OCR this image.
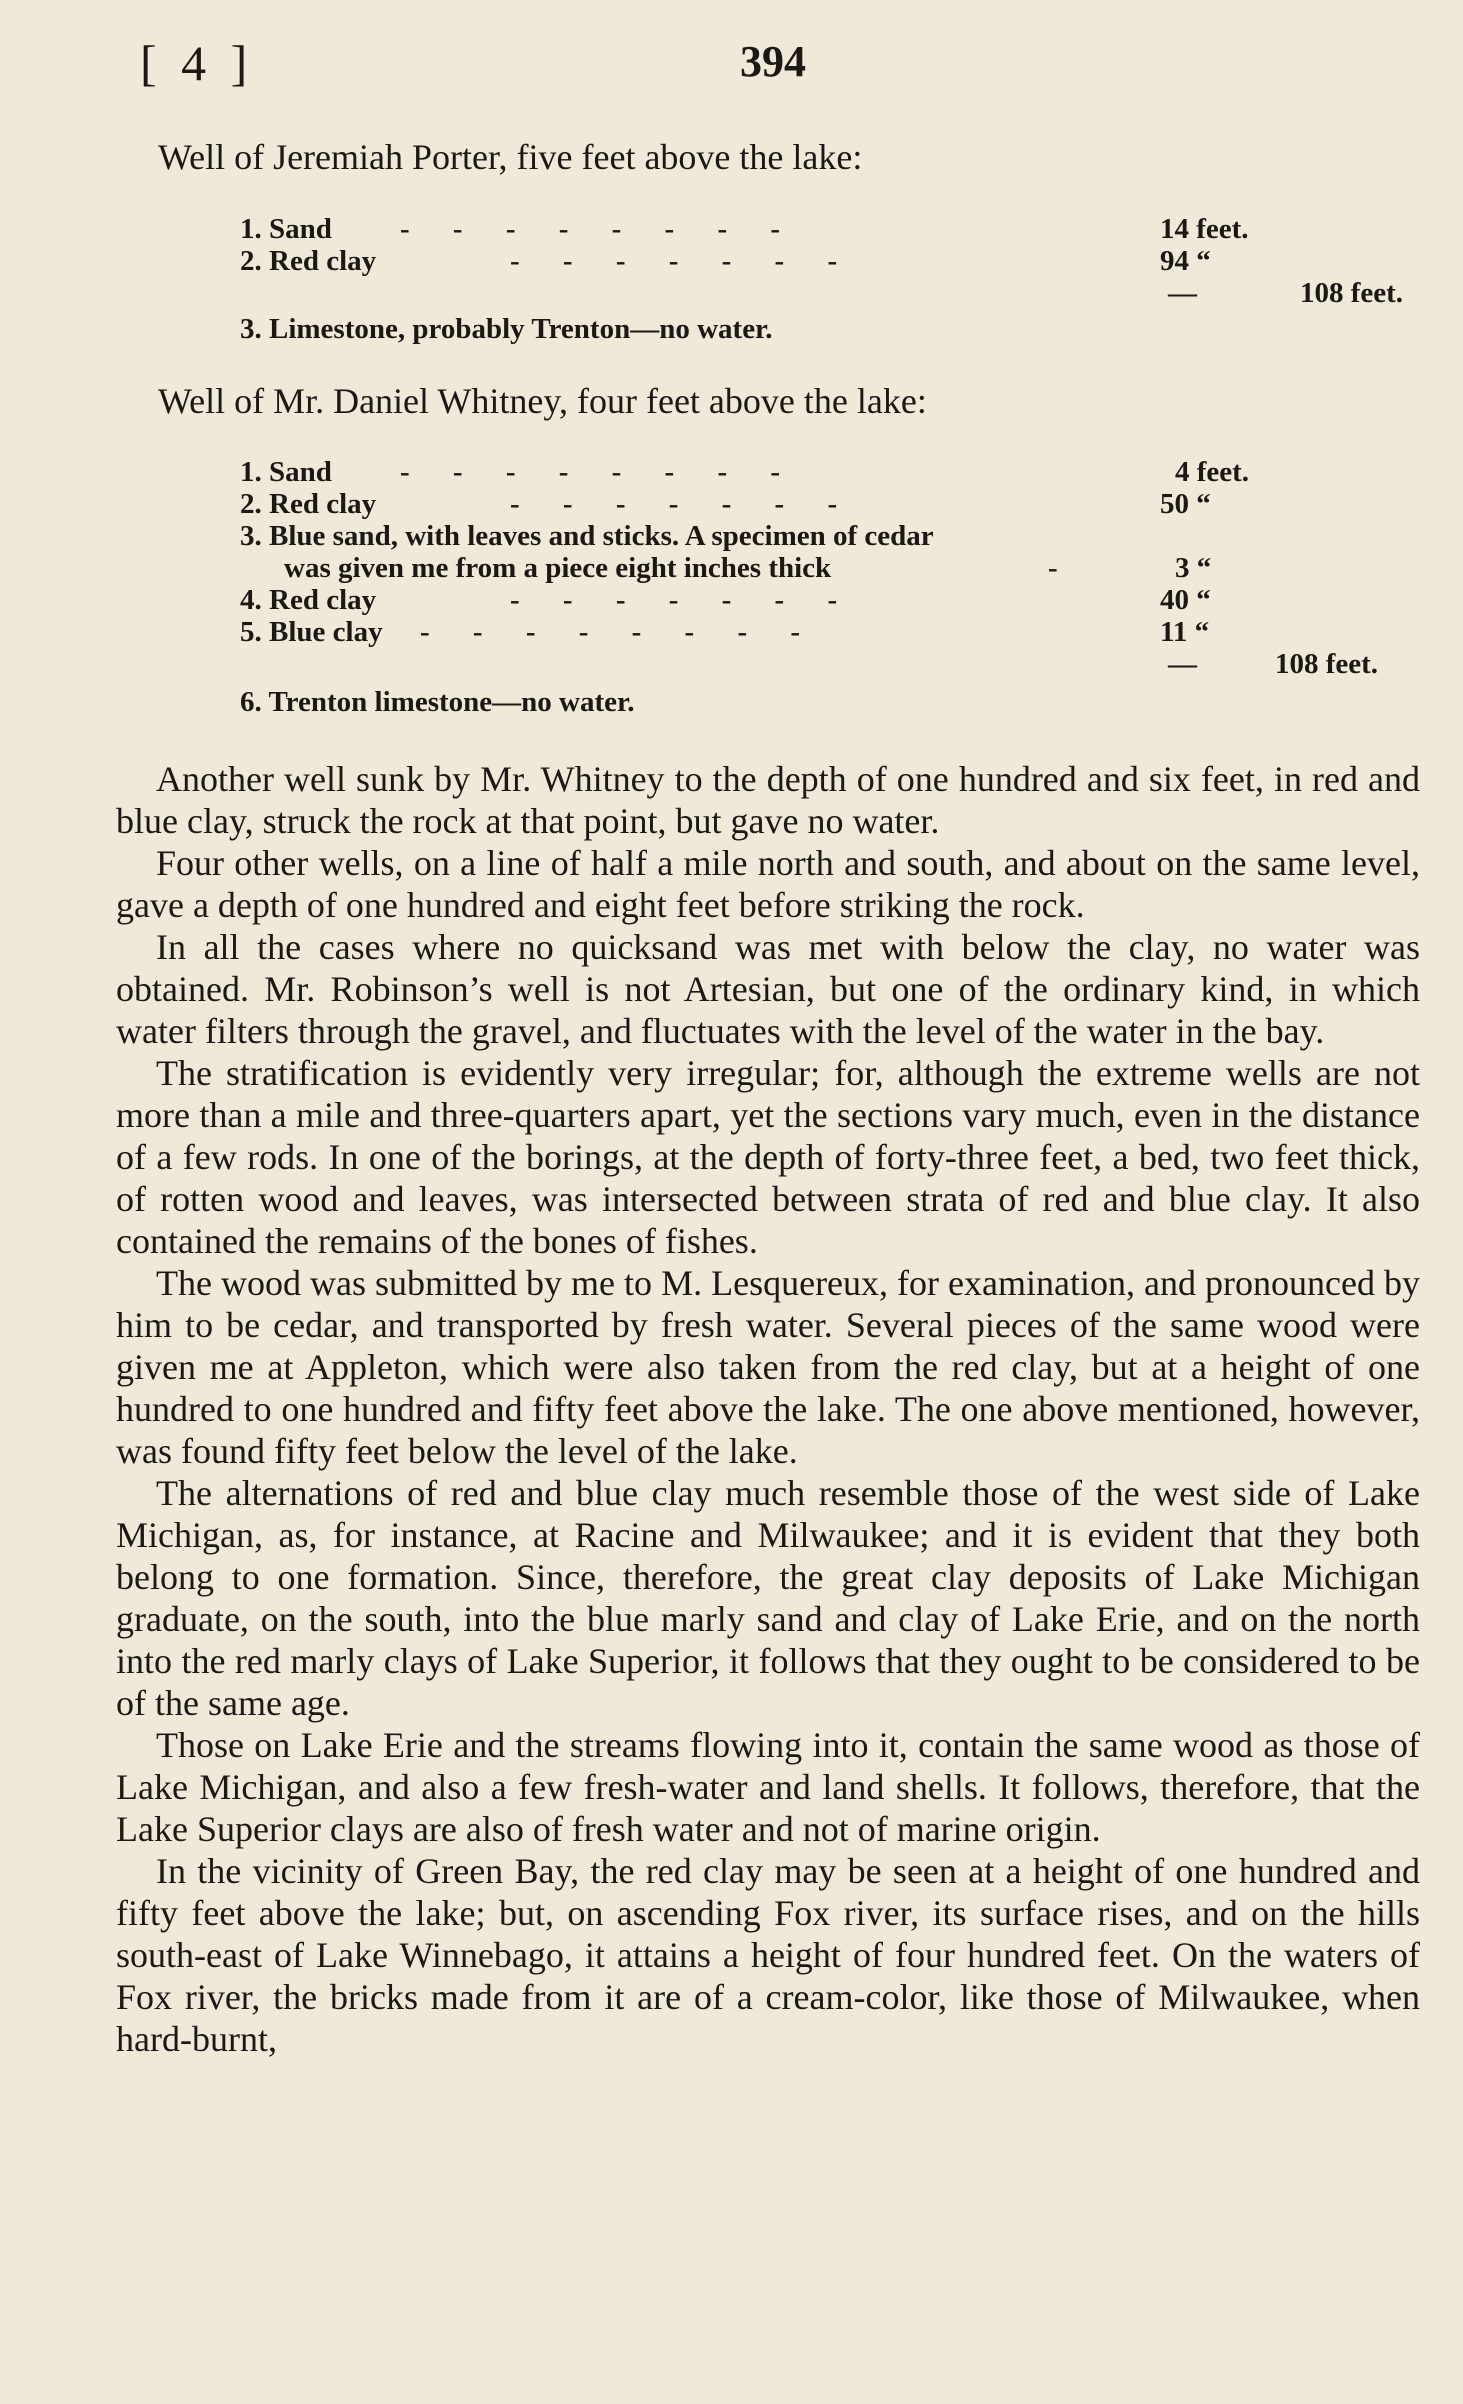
[ 4 ]	394
Well of Jeremiah Porter, five feet above the lake:
1. Sand - - - - - - - -	14 feet.
2. Red clay	- - - - - - -	94 “
—	108 feet.
3. Limestone, probably Trenton—no water.
Well of Mr. Daniel Whitney, four feet above the lake:
1. Sand - - - - - - - -	4 feet.
2. Red clay	- - - - - - -	50 “
3. Blue sand, with leaves and sticks. A specimen of cedar
was given me from a piece eight inches thick	-	3 “
4. Red clay	- - - - - - -	40 “
5. Blue clay - - - - - - - -	11 “
—	108 feet.
6. Trenton limestone—no water.

Another well sunk by Mr. Whitney to the depth of one hundred and six feet, in red and blue clay, struck the rock at that point, but gave no water.

Four other wells, on a line of half a mile north and south, and about on the same level, gave a depth of one hundred and eight feet before striking the rock.

In all the cases where no quicksand was met with below the clay, no water was obtained. Mr. Robinson’s well is not Artesian, but one of the ordinary kind, in which water filters through the gravel, and fluctuates with the level of the water in the bay.

The stratification is evidently very irregular; for, although the extreme wells are not more than a mile and three-quarters apart, yet the sections vary much, even in the distance of a few rods. In one of the borings, at the depth of forty-three feet, a bed, two feet thick, of rotten wood and leaves, was intersected between strata of red and blue clay. It also contained the remains of the bones of fishes.

The wood was submitted by me to M. Lesquereux, for examination, and pronounced by him to be cedar, and transported by fresh water. Several pieces of the same wood were given me at Appleton, which were also taken from the red clay, but at a height of one hundred to one hundred and fifty feet above the lake. The one above mentioned, however, was found fifty feet below the level of the lake.

The alternations of red and blue clay much resemble those of the west side of Lake Michigan, as, for instance, at Racine and Milwaukee; and it is evident that they both belong to one formation. Since, therefore, the great clay deposits of Lake Michigan graduate, on the south, into the blue marly sand and clay of Lake Erie, and on the north into the red marly clays of Lake Superior, it follows that they ought to be considered to be of the same age.

Those on Lake Erie and the streams flowing into it, contain the same wood as those of Lake Michigan, and also a few fresh-water and land shells. It follows, therefore, that the Lake Superior clays are also of fresh water and not of marine origin.

In the vicinity of Green Bay, the red clay may be seen at a height of one hundred and fifty feet above the lake; but, on ascending Fox river, its surface rises, and on the hills south-east of Lake Winnebago, it attains a height of four hundred feet. On the waters of Fox river, the bricks made from it are of a cream-color, like those of Milwaukee, when hard-burnt,
